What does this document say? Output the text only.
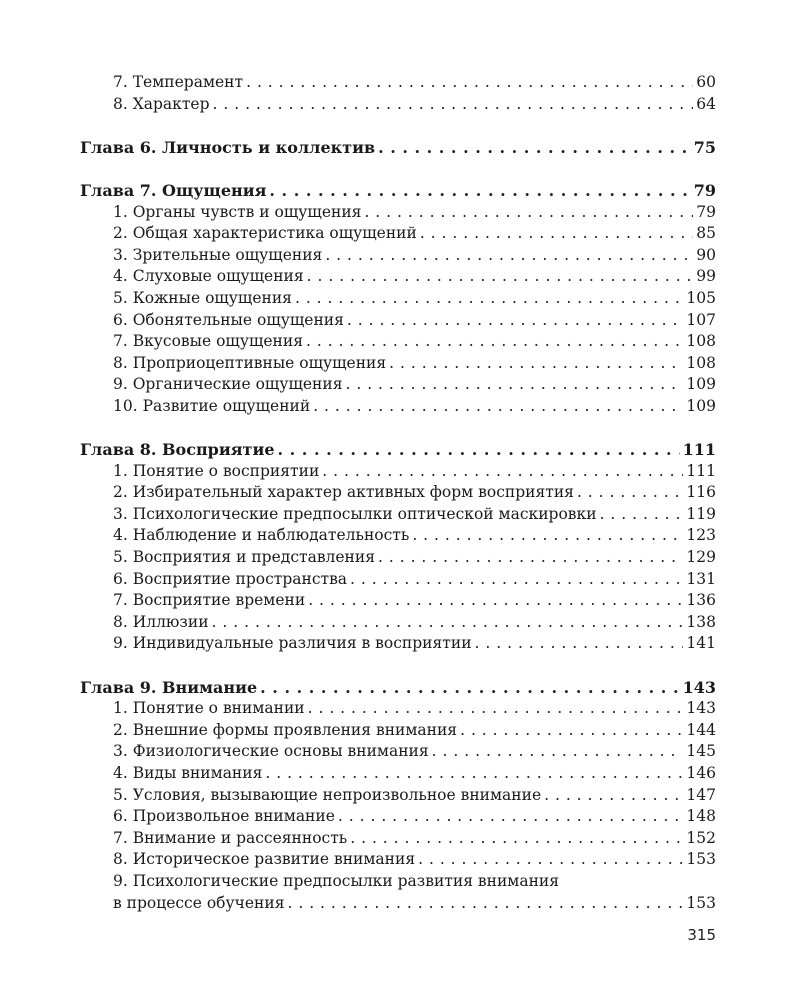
7. Темперамент . . .	60
8. Характер . . .	64
Глава 6. Личность и коллектив . . .	75
Глава 7. Ощущения . . .	79
1. Органы чувств и ощущения . . .	79
2. Общая характеристика ощущений . . .	85
3. Зрительные ощущения . . .	90
4. Слуховые ощущения . . .	99
5. Кожные ощущения . . .	105
6. Обонятельные ощущения . . .	107
7. Вкусовые ощущения . . .	108
8. Проприоцептивные ощущения . . .	108
9. Органические ощущения . . .	109
10. Развитие ощущений . . .	109
Глава 8. Восприятие . . .	111
1. Понятие о восприятии . . .	111
2. Избирательный характер активных форм восприятия . . .	116
3. Психологические предпосылки оптической маскировки . . .	119
4. Наблюдение и наблюдательность . . .	123
5. Восприятия и представления . . .	129
6. Восприятие пространства . . .	131
7. Восприятие времени . . .	136
8. Иллюзии . . .	138
9. Индивидуальные различия в восприятии . . .	141
Глава 9. Внимание . . .	143
1. Понятие о внимании . . .	143
2. Внешние формы проявления внимания . . .	144
3. Физиологические основы внимания . . .	145
4. Виды внимания . . .	146
5. Условия, вызывающие непроизвольное внимание . . .	147
6. Произвольное внимание . . .	148
7. Внимание и рассеянность . . .	152
8. Историческое развитие внимания . . .	153
9. Психологические предпосылки развития внимания
в процессе обучения . . .	153
315
